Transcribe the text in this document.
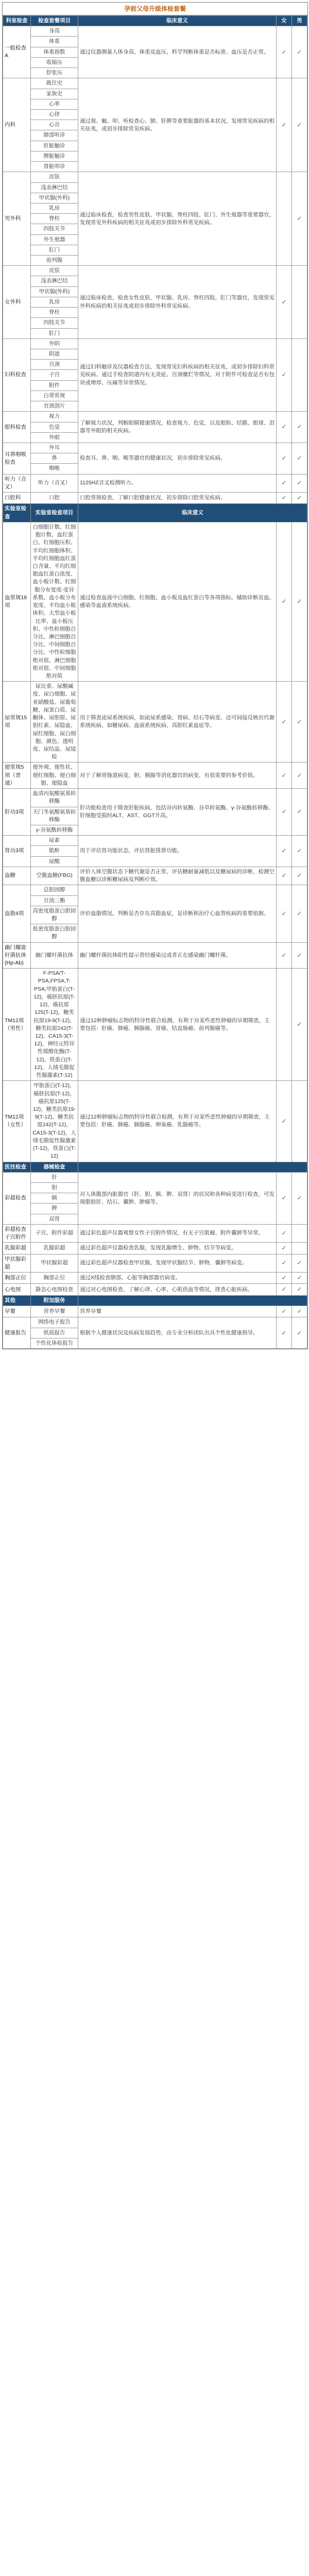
孕前父母升级体检套餐
科室检查	检查套餐项目	临床意义	女	男
一般检查A	身高	通过仪器测量人体身高、体重及血压，科学判断体重是否标准、血压是否正常。	✓	✓
	体重			
	体重指数			
	收缩压			
	舒张压			
内科	既往史	通过视、触、叩、听检查心、肺、肝脾等重要脏器的基本状况，发现常见疾病的相关征兆，或初步排除常见疾病。	✓	✓
	家族史			
	心率			
	心律			
	心音			
	肺部听诊			
	肝脏触诊			
	脾脏触诊			
	肾脏叩诊			
男外科	皮肤	通过临床检查，检查男性皮肤、甲状腺、脊柱四肢、肛门、外生殖器等重要器官，发现常见外科疾病的相关征兆或初步排除外科常见疾病。		✓
	浅表淋巴结			
	甲状腺(外科)			
	乳房			
	脊柱			
	四肢关节			
	外生殖器			
	肛门			
	前列腺			
女外科	皮肤	通过临床检查，检查女性皮肤、甲状腺、乳房、脊柱四肢，肛门等器官，发现常见外科疾病的相关征兆或初步排除外科常见疾病。	✓	
	浅表淋巴结			
	甲状腺(外科)			
	乳房			
	脊柱			
	四肢关节			
	肛门			
妇科检查	外阴	通过妇科触诊及仪器检查方法，发现常见妇科疾病的相关征兆，或初步排除妇科常见疾病。通过手检查阴道内有无炎症、宫颈糜烂等情况，对于附件可检查是否有包块或增厚、压痛等异常情况。	✓	
	阴道			
	宫颈			
	子宫			
	附件			
	白带常规			
	官颈刮片			
眼科检查	视力	了解视力状况，判断眼睛健康情况，检查视力、色觉，以及眼睑、结膜、眼球、泪器等外眼的相关疾病。	✓	✓
	色觉			
	外眼			
耳鼻咽喉检查	外耳	检查耳、鼻、咽、喉等器官的健康状况，初步排除常见疾病。	✓	✓
	鼻			
	咽喉			
听力（音叉）	听力（音叉）	1125HZ音叉检测听力。	✓	✓
口腔科	口腔	口腔常规检查，了解口腔健康状况，初步排除口腔常见疾病。	✓	✓
实验室检查	实验室检查项目	临床意义		
血常规18项	白细胞计数、红细胞计数、血红蛋白、红细胞压积、平均红细胞体积、平均红细胞血红蛋白含量、平均红细胞血红蛋白浓度、血小板计数、红细胞分布宽度-变异系数、血小板分布宽度、平均血小板体积、大型血小板比率、血小板压积、中性粒细胞百分比、淋巴细胞百分比、中间细胞百分比、中性粒细胞绝对值、淋巴细胞绝对值、中间细胞绝对值	通过检查血液中白细胞、红细胞、血小板及血红蛋白等各项指标，辅助诊断贫血、感染等血液系统疾病。	✓	✓
尿常规15项	尿比重、尿酸碱度、尿白细胞、尿亚硝酸盐、尿葡萄糖、尿蛋白质、尿酮体、尿胆原、尿胆红素、尿隐血、尿红细胞、尿白细胞、颜色、透明度、尿结晶、尿镜检	用于筛查泌尿系统疾病，如泌尿系感染、肾病、结石等病变，还可间接反映出代谢系统疾病、如糖尿病、血液系统疾病、高胆红素血症等。	✓	✓
便常规5项（普通）	便外观、便性状、便红细胞、便白细胞、便隐血	对于了解胃肠道病变，胆、胰腺等消化器官的病变，有很重要的参考价值。	✓	✓
肝功3项	血清丙氨酸氨基转移酶	肝功能检查用于筛查肝脏疾病，包括谷丙转氨酶、谷草转氨酶、γ-谷氨酰转移酶、肝细胞受损时ALT、AST、GGT升高。	✓	✓
	天门冬氨酸氨基转移酶			
	γ-谷氨酰转移酶			
肾功3项	尿素	用于评估肾功能状态，评估肾脏排泄功能。	✓	✓
	肌酐			
	尿酸			
血糖	空腹血糖(FBG)	评价人体空腹状态下糖代谢是否正常，评估糖耐量减低以及糖尿病的诊断，检测空腹血糖以诊断糖尿病及判断疗效。	✓	✓
血脂4项	总胆固醇	评价血脂情况，判断是否存在高脂血症，是诊断和治疗心血管疾病的重要依据。	✓	✓
	甘油三酯			
	高密度脂蛋白胆固醇			
	低密度脂蛋白胆固醇			
幽门螺旋杆菌抗体(Hp-Ab)	幽门螺杆菌抗体	幽门螺杆菌抗体阳性提示曾经感染过或者正在感染幽门螺杆菌。	✓	✓
TM12项（男性）	F-PSA/T-PSA,FPSA,T-PSA,甲胎蛋白(T-12)，癌胚抗原(T-12)，癌抗原125(T-12)，糖类抗原19-9(T-12)，糖类抗原242(T-12)，CA15-3(T-12)，神经元特异性烯醇化酶(T-12)，铁蛋白(T-12)，人绒毛膜促性腺激素(T-12)	通过12种肿瘤标志物的特异性联合检测，有利于对某些恶性肿瘤的早期筛查，主要包括：肝癌、肺癌、胰腺癌、胃癌、结直肠癌、前列腺癌等。		✓
TM12项（女性）	甲胎蛋白(T-12)，癌胚抗原(T-12)，癌抗原125(T-12)，糖类抗原19-9(T-12)，糖类抗原242(T-12)，CA15-3(T-12)，人绒毛膜促性腺激素(T-12)，铁蛋白(T-12)	通过12种肿瘤标志物的特异性联合检测，有利于对某些恶性肿瘤的早期筛查，主要包括：肝癌、肺癌、胰腺癌、卵巢癌、乳腺癌等。	✓	
医技检查	器械检查			
彩超检查	肝	对人体腹部内脏器官（肝、胆、胰、脾、双肾）的状况和各种病变进行检查，可发现脂肪肝、结石、囊肿、肿瘤等。	✓	✓
	胆			
	胰			
	脾			
	双肾			
彩超检查 子宫附件	子宫、附件彩超	通过彩色超声仪器观察女性子宫附件情况，有无子宫肌瘤、附件囊肿等异常。	✓	
乳腺彩超	乳腺彩超	通过彩色超声仪器检查乳腺，发现乳腺增生、肿物、结节等病变。	✓	
甲状腺彩超	甲状腺彩超	通过彩色超声仪器检查甲状腺，发现甲状腺结节、肿物、囊肿等病变。	✓	✓
胸部正位	胸部正位	通过X线检查肺部、心脏等胸部器官病变。	✓	✓
心电图	静态心电图检查	通过对心电图检查，了解心律、心率、心肌供血等情况，排查心脏疾病。	✓	✓
其他	附加服务			
早餐	营养早餐	营养早餐	✓	✓
健康报告	网络电子报告	根据个人健康状况及疾病发展趋势，由专业分析团队出具个性化健康指导。	✓	✓
	纸质报告			
	个性化体检报告			
